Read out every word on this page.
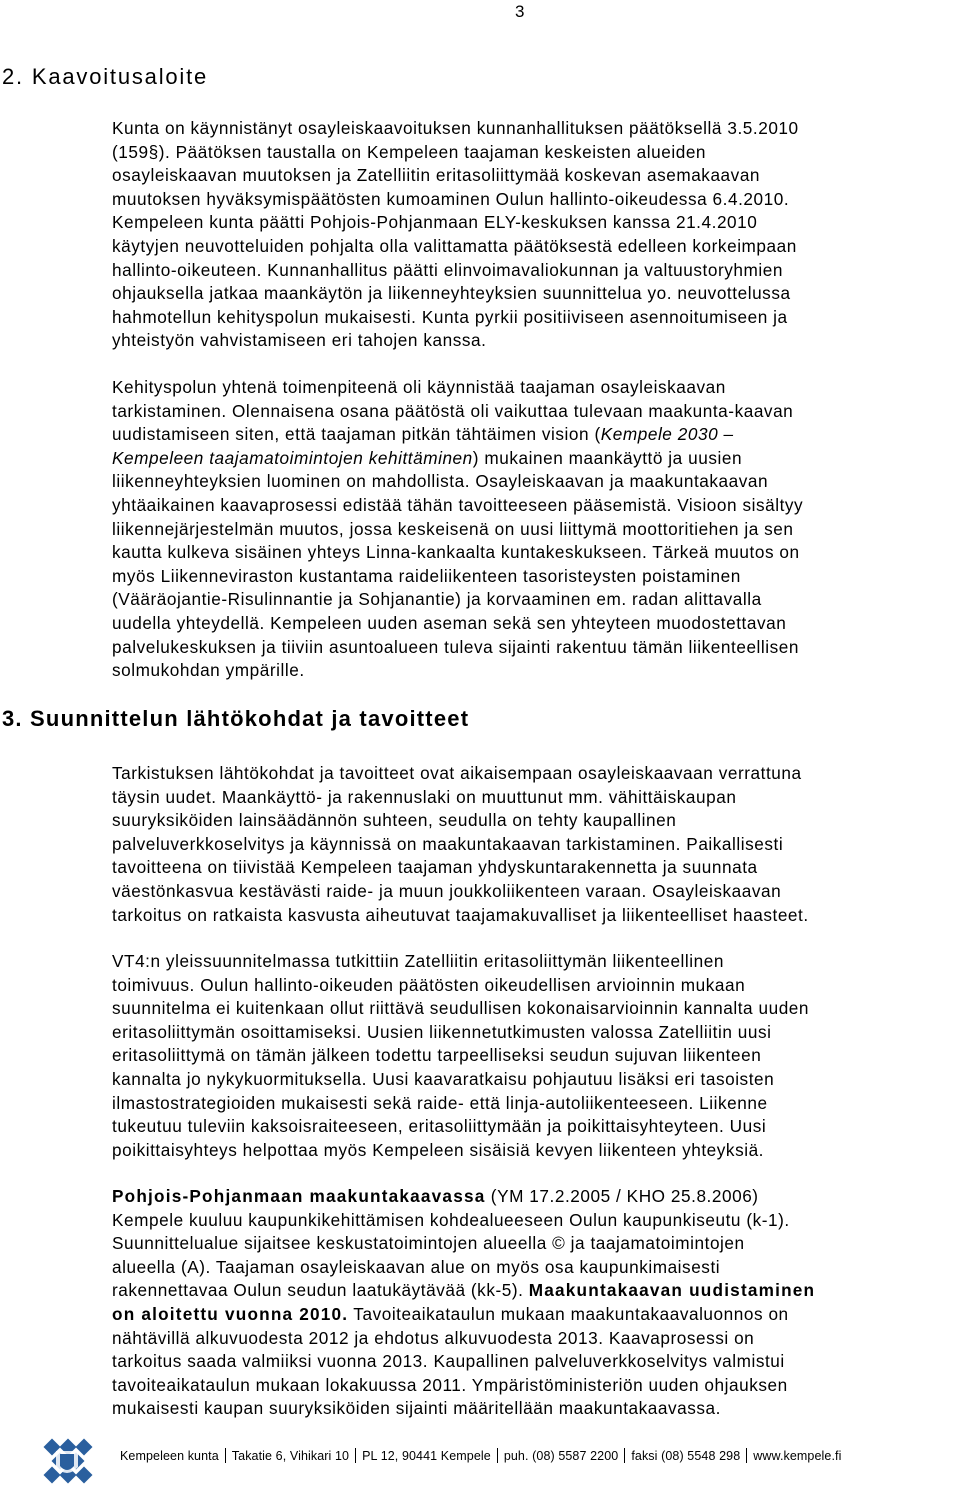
3
2. Kaavoitusaloite

Kunta on käynnistänyt osayleiskaavoituksen kunnanhallituksen päätöksellä 3.5.2010
(159§). Päätöksen taustalla on Kempeleen taajaman keskeisten alueiden
osayleiskaavan muutoksen ja Zatelliitin eritasoliittymää koskevan asemakaavan
muutoksen hyväksymispäätösten kumoaminen Oulun hallinto-oikeudessa 6.4.2010.
Kempeleen kunta päätti Pohjois-Pohjanmaan ELY-keskuksen kanssa 21.4.2010
käytyjen neuvotteluiden pohjalta olla valittamatta päätöksestä edelleen korkeimpaan
hallinto-oikeuteen. Kunnanhallitus päätti elinvoimavaliokunnan ja valtuustoryhmien
ohjauksella jatkaa maankäytön ja liikenneyhteyksien suunnittelua yo. neuvottelussa
hahmotellun kehityspolun mukaisesti. Kunta pyrkii positiiviseen asennoitumiseen ja
yhteistyön vahvistamiseen eri tahojen kanssa.

Kehityspolun yhtenä toimenpiteenä oli käynnistää taajaman osayleiskaavan
tarkistaminen. Olennaisena osana päätöstä oli vaikuttaa tulevaan maakunta-kaavan
uudistamiseen siten, että taajaman pitkän tähtäimen vision (Kempele 2030 –
Kempeleen taajamatoimintojen kehittäminen) mukainen maankäyttö ja uusien
liikenneyhteyksien luominen on mahdollista. Osayleiskaavan ja maakuntakaavan
yhtäaikainen kaavaprosessi edistää tähän tavoitteeseen pääsemistä. Visioon sisältyy
liikennejärjestelmän muutos, jossa keskeisenä on uusi liittymä moottoritiehen ja sen
kautta kulkeva sisäinen yhteys Linna-kankaalta kuntakeskukseen. Tärkeä muutos on
myös Liikenneviraston kustantama raideliikenteen tasoristeysten poistaminen
(Vääräojantie-Risulinnantie ja Sohjanantie) ja korvaaminen em. radan alittavalla
uudella yhteydellä. Kempeleen uuden aseman sekä sen yhteyteen muodostettavan
palvelukeskuksen ja tiiviin asuntoalueen tuleva sijainti rakentuu tämän liikenteellisen
solmukohdan ympärille.

3. Suunnittelun lähtökohdat ja tavoitteet

Tarkistuksen lähtökohdat ja tavoitteet ovat aikaisempaan osayleiskaavaan verrattuna
täysin uudet. Maankäyttö- ja rakennuslaki on muuttunut mm. vähittäiskaupan
suuryksiköiden lainsäädännön suhteen, seudulla on tehty kaupallinen
palveluverkkoselvitys ja käynnissä on maakuntakaavan tarkistaminen. Paikallisesti
tavoitteena on tiivistää Kempeleen taajaman yhdyskuntarakennetta ja suunnata
väestönkasvua kestävästi raide- ja muun joukkoliikenteen varaan. Osayleiskaavan
tarkoitus on ratkaista kasvusta aiheutuvat taajamakuvalliset ja liikenteelliset haasteet.

VT4:n yleissuunnitelmassa tutkittiin Zatelliitin eritasoliittymän liikenteellinen
toimivuus. Oulun hallinto-oikeuden päätösten oikeudellisen arvioinnin mukaan
suunnitelma ei kuitenkaan ollut riittävä seudullisen kokonaisarvioinnin kannalta uuden
eritasoliittymän osoittamiseksi. Uusien liikennetutkimusten valossa Zatelliitin uusi
eritasoliittymä on tämän jälkeen todettu tarpeelliseksi seudun sujuvan liikenteen
kannalta jo nykykuormituksella. Uusi kaavaratkaisu pohjautuu lisäksi eri tasoisten
ilmastostrategioiden mukaisesti sekä raide- että linja-autoliikenteeseen. Liikenne
tukeutuu tuleviin kaksoisraiteeseen, eritasoliittymään ja poikittaisyhteyteen. Uusi
poikittaisyhteys helpottaa myös Kempeleen sisäisiä kevyen liikenteen yhteyksiä.

Pohjois-Pohjanmaan maakuntakaavassa (YM 17.2.2005 / KHO 25.8.2006)
Kempele kuuluu kaupunkikehittämisen kohdealueeseen Oulun kaupunkiseutu (k-1).
Suunnittelualue sijaitsee keskustatoimintojen alueella © ja taajamatoimintojen
alueella (A). Taajaman osayleiskaavan alue on myös osa kaupunkimaisesti
rakennettavaa Oulun seudun laatukäytävää (kk-5). Maakuntakaavan uudistaminen
on aloitettu vuonna 2010. Tavoiteaikataulun mukaan maakuntakaavaluonnos on
nähtävillä alkuvuodesta 2012 ja ehdotus alkuvuodesta 2013. Kaavaprosessi on
tarkoitus saada valmiiksi vuonna 2013. Kaupallinen palveluverkkoselvitys valmistui
tavoiteaikataulun mukaan lokakuussa 2011. Ympäristöministeriön uuden ohjauksen
mukaisesti kaupan suuryksiköiden sijainti määritellään maakuntakaavassa.

Kempeleen kunta Takatie 6, Vihikari 10 PL 12, 90441 Kempele puh. (08) 5587 2200 faksi (08) 5548 298 www.kempele.fi
